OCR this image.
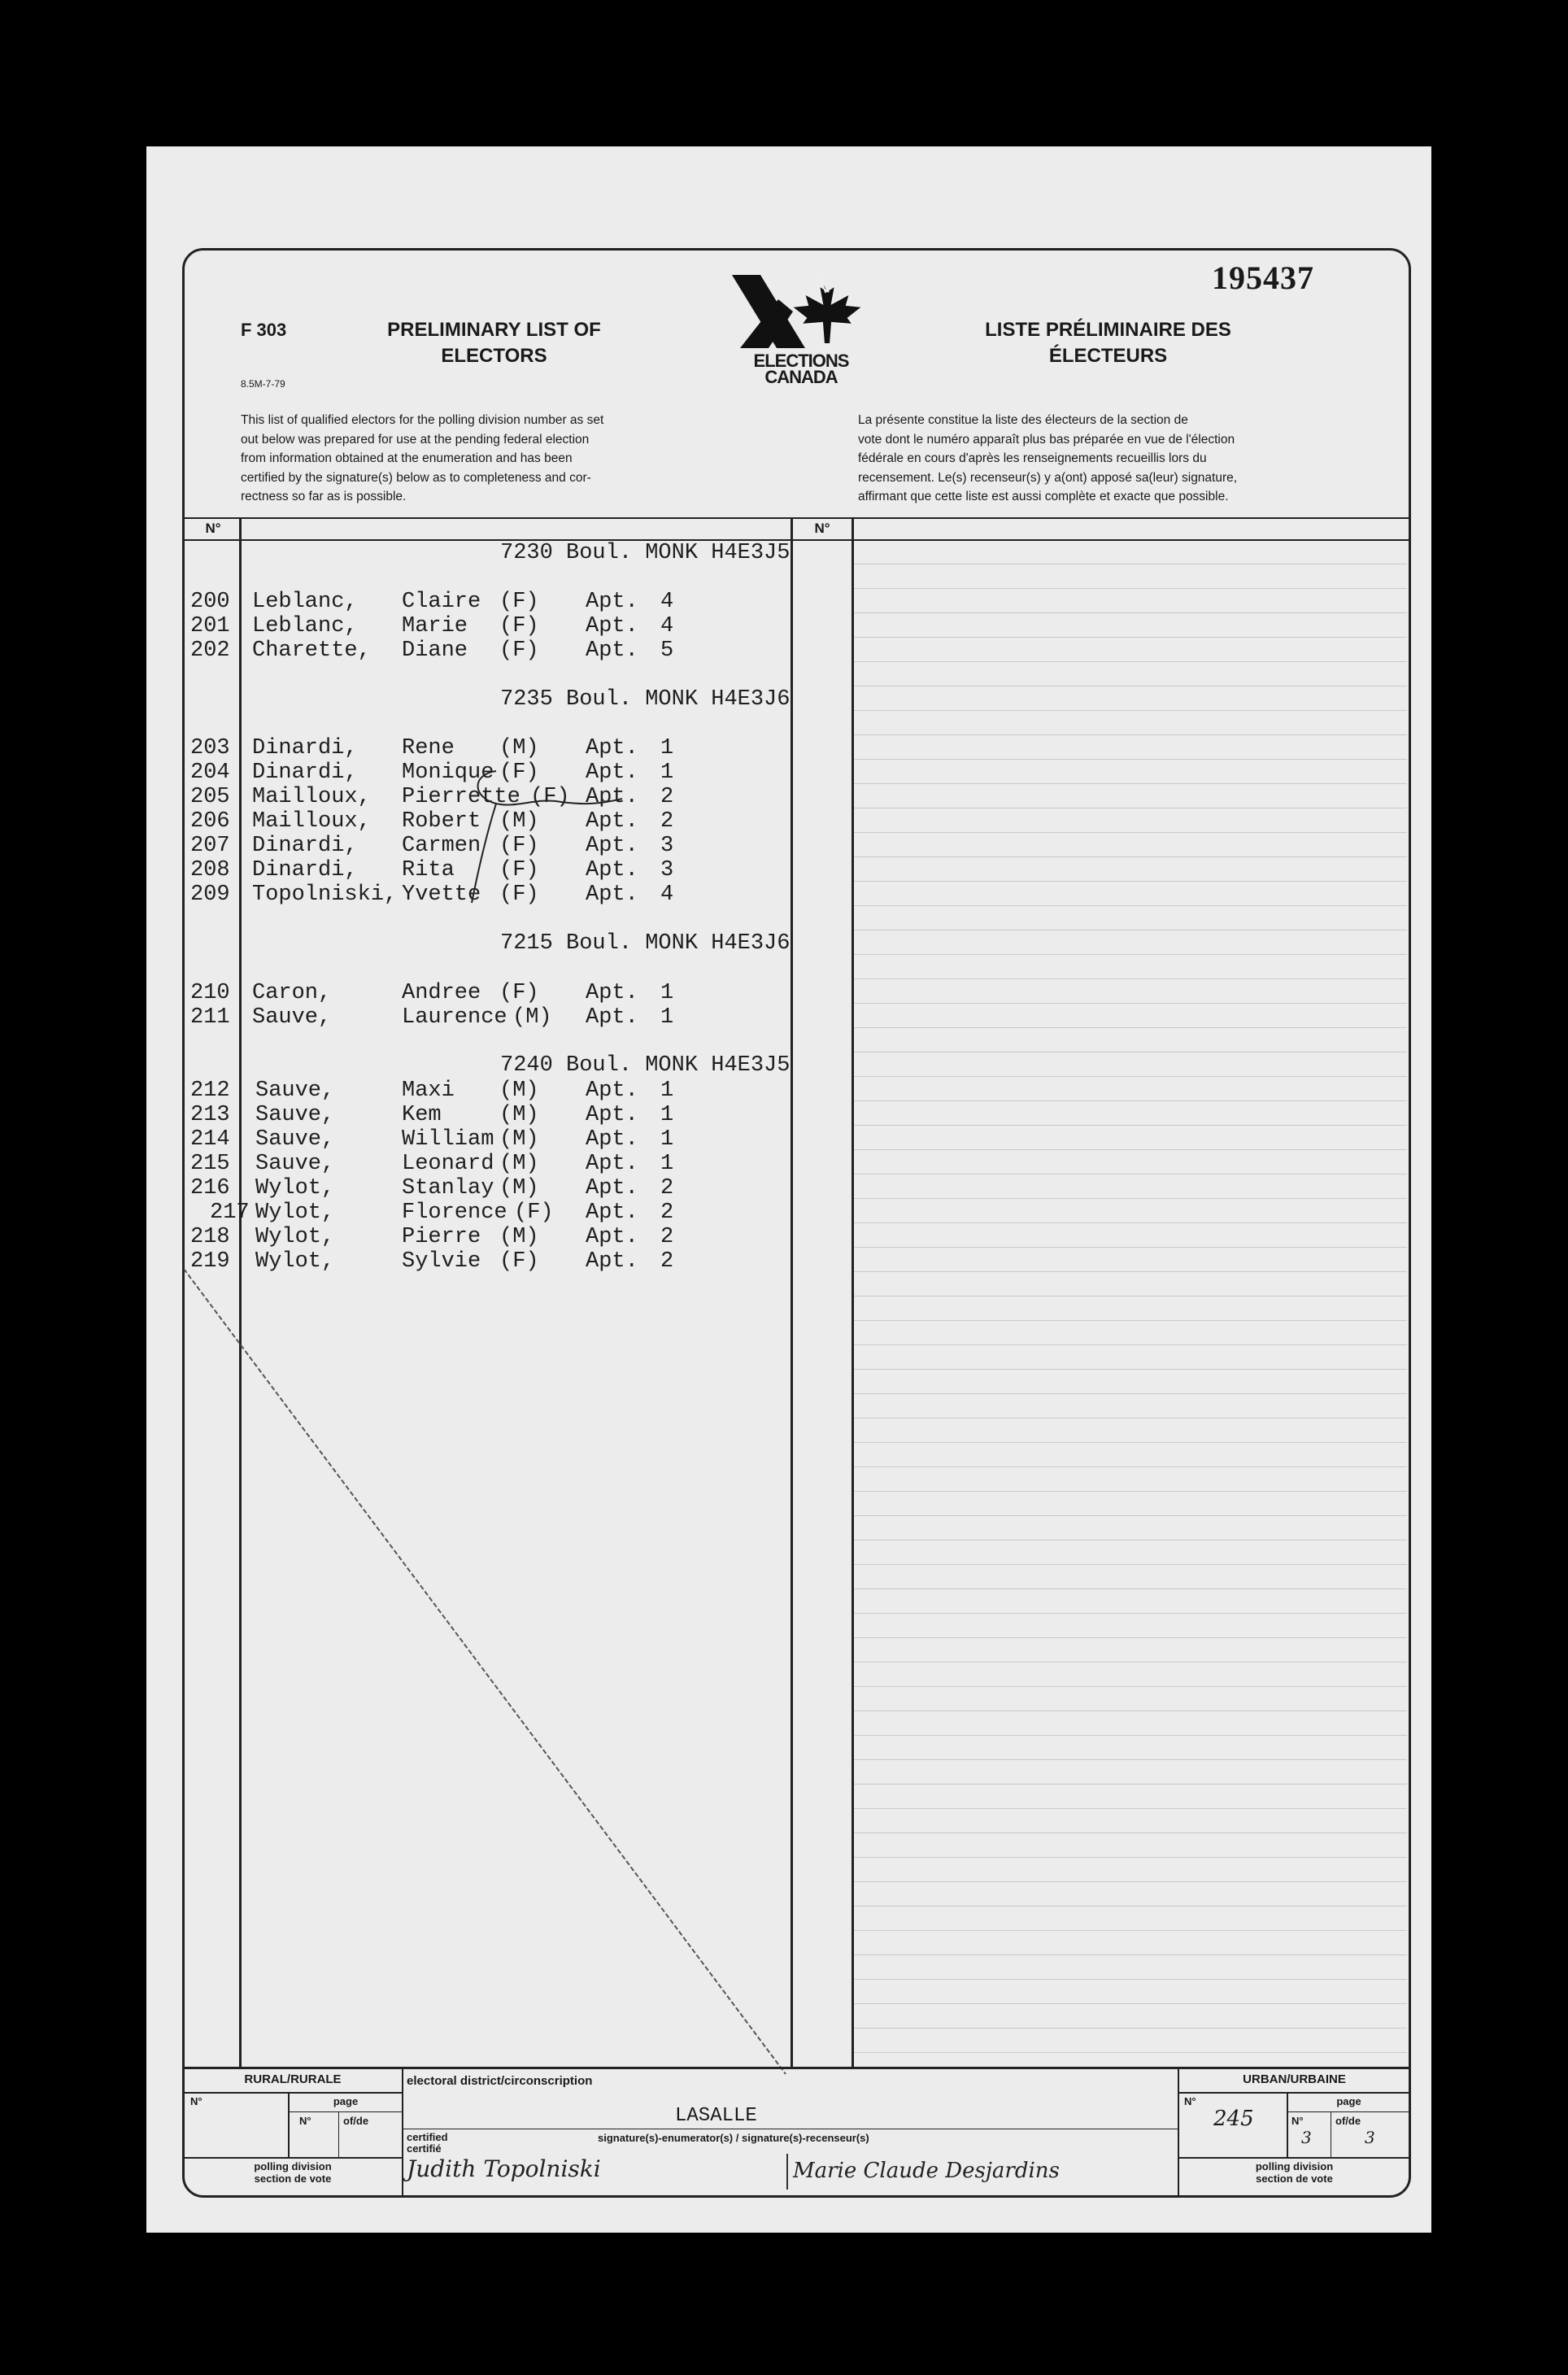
195437
F 303
8.5M-7-79
PRELIMINARY LIST OF
ELECTORS
LISTE PRÉLIMINAIRE DES
ÉLECTEURS
ELECTIONS
CANADA
This list of qualified electors for the polling division number as set
out below was prepared for use at the pending federal election
from information obtained at the enumeration and has been
certified by the signature(s) below as to completeness and cor-
rectness so far as is possible.
La présente constitue la liste des électeurs de la section de
vote dont le numéro apparaît plus bas préparée en vue de l'élection
fédérale en cours d'après les renseignements recueillis lors du
recensement. Le(s) recenseur(s) y a(ont) apposé sa(leur) signature,
affirmant que cette liste est aussi complète et exacte que possible.
N°	N°
7230 Boul. MONK H4E3J5
200 Leblanc, Claire (F) Apt. 4
201 Leblanc, Marie (F) Apt. 4
202 Charette, Diane (F) Apt. 5
7235 Boul. MONK H4E3J6
203 Dinardi, Rene (M) Apt. 1
204 Dinardi, Monique (F) Apt. 1
205 Mailloux, Pierrette (F) Apt. 2
206 Mailloux, Robert (M) Apt. 2
207 Dinardi, Carmen (F) Apt. 3
208 Dinardi, Rita (F) Apt. 3
209 Topolniski, Yvette (F) Apt. 4
7215 Boul. MONK H4E3J6
210 Caron,	Andree (F) Apt. 1
211 Sauve,	Laurence (M) Apt. 1
7240 Boul. MONK H4E3J5
212 Sauve,	Maxi (M) Apt. 1
213 Sauve,	Kem	(M) Apt. 1
214 Sauve,	William (M) Apt. 1
215 Sauve,	Leonard (M) Apt. 1
216 Wylot,	Stanlay (M) Apt. 2
217 Wylot,	Florence (F) Apt. 2
218 Wylot,	Pierre (M) Apt. 2
219 Wylot,	Sylvie (F) Apt. 2
RURAL/RURALE
N°	page
N°	of/de
polling division
section de vote
electoral district/circonscription
LASALLE
certified
certifié
signature(s)-enumerator(s) / signature(s)-recenseur(s)
Judith Topolniski	Marie Claude Desjardins
URBAN/URBAINE
N°
245
page
N°
3
of/de
3
polling division
section de vote
